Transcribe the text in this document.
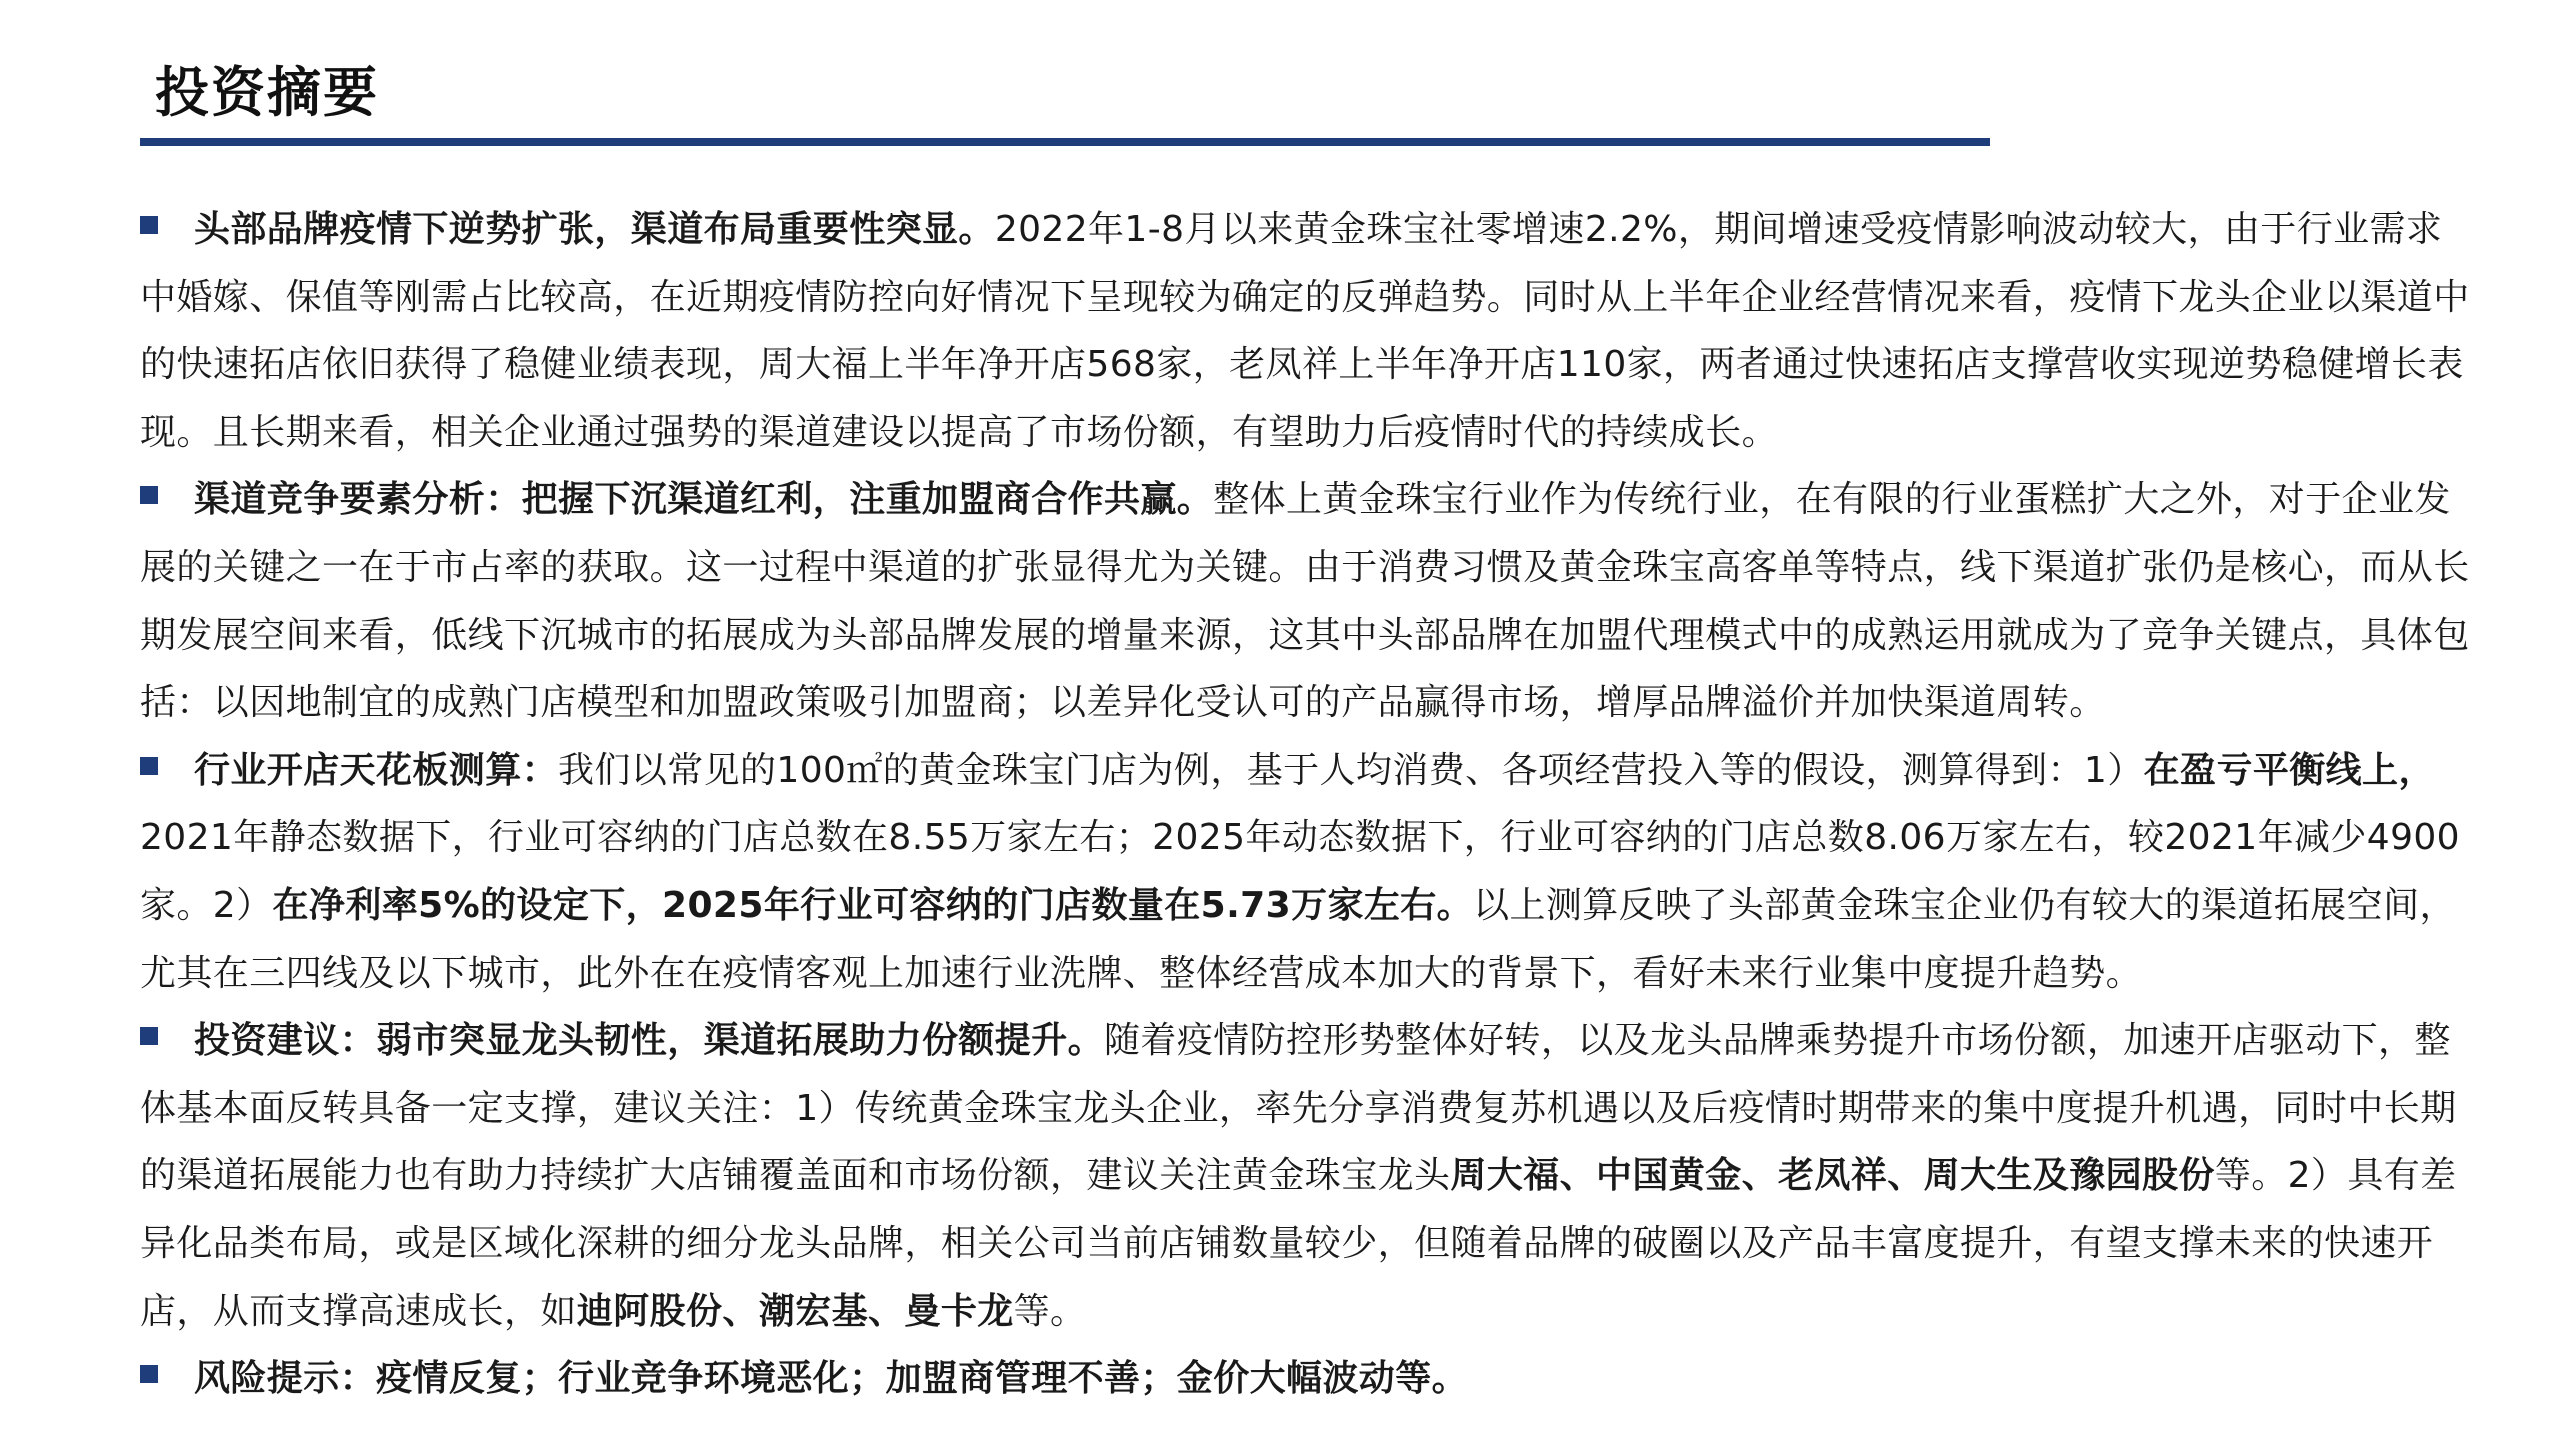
投资摘要
头部品牌疫情下逆势扩张，渠道布局重要性突显。2022年1-8月以来黄金珠宝社零增速2.2%，期间增速受疫情影响波动较大，由于行业需求中婚嫁、保值等刚需占比较高，在近期疫情防控向好情况下呈现较为确定的反弹趋势。同时从上半年企业经营情况来看，疫情下龙头企业以渠道中的快速拓店依旧获得了稳健业绩表现，周大福上半年净开店568家，老凤祥上半年净开店110家，两者通过快速拓店支撑营收实现逆势稳健增长表现。且长期来看，相关企业通过强势的渠道建设以提高了市场份额，有望助力后疫情时代的持续成长。
渠道竞争要素分析：把握下沉渠道红利，注重加盟商合作共赢。整体上黄金珠宝行业作为传统行业，在有限的行业蛋糕扩大之外，对于企业发展的关键之一在于市占率的获取。这一过程中渠道的扩张显得尤为关键。由于消费习惯及黄金珠宝高客单等特点，线下渠道扩张仍是核心，而从长期发展空间来看，低线下沉城市的拓展成为头部品牌发展的增量来源，这其中头部品牌在加盟代理模式中的成熟运用就成为了竞争关键点，具体包括：以因地制宜的成熟门店模型和加盟政策吸引加盟商；以差异化受认可的产品赢得市场，增厚品牌溢价并加快渠道周转。
行业开店天花板测算：我们以常见的100㎡的黄金珠宝门店为例，基于人均消费、各项经营投入等的假设，测算得到：1）在盈亏平衡线上，2021年静态数据下，行业可容纳的门店总数在8.55万家左右；2025年动态数据下，行业可容纳的门店总数8.06万家左右，较2021年减少4900家。2）在净利率5%的设定下，2025年行业可容纳的门店数量在5.73万家左右。以上测算反映了头部黄金珠宝企业仍有较大的渠道拓展空间，尤其在三四线及以下城市，此外在在疫情客观上加速行业洗牌、整体经营成本加大的背景下，看好未来行业集中度提升趋势。
投资建议：弱市突显龙头韧性，渠道拓展助力份额提升。随着疫情防控形势整体好转，以及龙头品牌乘势提升市场份额，加速开店驱动下，整体基本面反转具备一定支撑，建议关注：1）传统黄金珠宝龙头企业，率先分享消费复苏机遇以及后疫情时期带来的集中度提升机遇，同时中长期的渠道拓展能力也有助力持续扩大店铺覆盖面和市场份额，建议关注黄金珠宝龙头周大福、中国黄金、老凤祥、周大生及豫园股份等。2）具有差异化品类布局，或是区域化深耕的细分龙头品牌，相关公司当前店铺数量较少，但随着品牌的破圈以及产品丰富度提升，有望支撑未来的快速开店，从而支撑高速成长，如迪阿股份、潮宏基、曼卡龙等。
风险提示：疫情反复；行业竞争环境恶化；加盟商管理不善；金价大幅波动等。
